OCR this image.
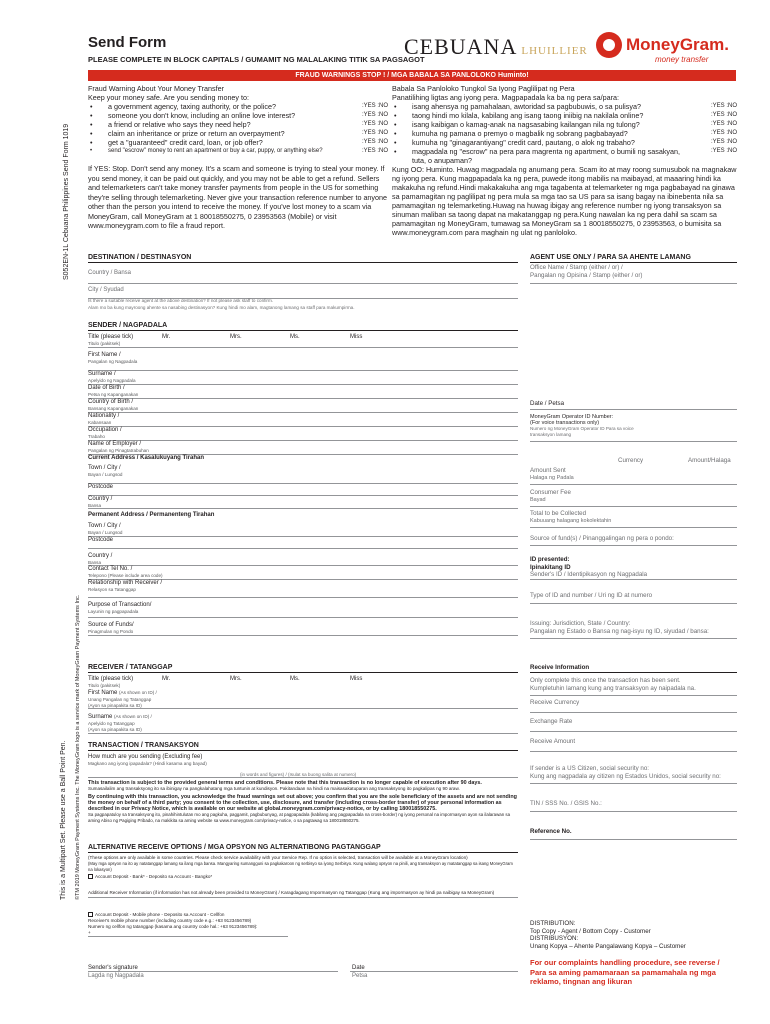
Send Form
PLEASE COMPLETE IN BLOCK CAPITALS / GUMAMIT NG MALALAKING TITIK SA PAGSAGOT
CEBUANA LHUILLIER MoneyGram.
money transfer
FRAUD WARNINGS STOP ! / MGA BABALA SA PANLOLOKO Huminto!
S052EN-1L Cebuana Philippines Send Form 1019
©TM 2019 MoneyGram Payment Systems Inc. The MoneyGram logo is a service mark of MoneyGram Payment Systems Inc.
This is a Multipart Set. Please use a Ball Point Pen.
Fraud Warning About Your Money Transfer
Keep your money safe. Are you sending money to:
• a government agency, taxing authority, or the police?	:YES :NO
• someone you don't know, including an online love interest?	:YES :NO
• a friend or relative who says they need help?	:YES :NO
• claim an inheritance or prize or return an overpayment?	:YES :NO
• get a "guaranteed" credit card, loan, or job offer?	:YES :NO
•	send "escrow" money to rent an apartment or buy a car, puppy, or anything else?	:YES :NO
If YES: Stop. Don't send any money. It's a scam and someone is trying to steal your money. If you send money, it can be paid out quickly, and you may not be able to get a refund. Sellers and telemarketers can't take money transfer payments from people in the US for something they're selling through telemarketing. Never give your transaction reference number to anyone other than the person you intend to receive the money. If you've lost money to a scam via MoneyGram, call MoneyGram at 1 80018550275, 0 23953563 (Mobile) or visit www.moneygram.com to file a fraud report.
Babala Sa Panloloko Tungkol Sa Iyong Paglilipat ng Pera
Panatilihing ligtas ang iyong pera. Magpapadala ka ba ng pera sa/para:
• isang ahensya ng pamahalaan, awtoridad sa pagbubuwis, o sa pulisya?	:YES :NO
• taong hindi mo kilala, kabilang ang isang taong iniibig na nakilala online?	:YES :NO
• isang kaibigan o kamag-anak na nagsasabing kailangan nila ng tulong?	:YES :NO
• kumuha ng pamana o premyo o magbalik ng sobrang pagbabayad?	:YES :NO
• kumuha ng "ginagarantiyang" credit card, pautang, o alok ng trabaho?	:YES :NO
• magpadala ng "escrow" na pera para magrenta ng apartment, o bumili ng sasakyan, tuta, o anupaman?
:YES :NO
Kung OO: Huminto. Huwag magpadala ng anumang pera. Scam ito at may roong sumusubok na magnakaw ng iyong pera. Kung magpapadala ka ng pera, puwede itong mabilis na maibayad, at maaaring hindi ka makakuha ng refund.Hindi makakakuha ang mga tagabenta at telemarketer ng mga pagbabayad na ginawa sa pamamagitan ng paglilipat ng pera mula sa mga tao sa US para sa isang bagay na ibinebenta nila sa pamamagitan ng telemarketing.Huwag na huwag ibigay ang reference number ng iyong transaksyon sa sinuman maliban sa taong dapat na makatanggap ng pera.Kung nawalan ka ng pera dahil sa scam sa pamamagitan ng MoneyGram, tumawag sa MoneyGram sa 1 80018550275, 0 23953563, o bumisita sa www.moneygram.com para maghain ng ulat ng panloloko.
DESTINATION / DESTINASYON
Country / Bansa
City / Syudad
Is there a suitable receive agent at the above destination? If not please ask staff to confirm.
Alam mo ba kung mayroong ahente sa nasabing destinasyon? Kung hindi mo alam, magtanong lamang sa staff para makumpirma.
SENDER / NAGPADALA
Title (please tick)
Titulo (pakitsek)
Mr.	Mrs.	Ms.	Miss
First Name /
Pangalan ng Nagpadala
Surname /
Apelyido ng Nagpadala
Date of Birth /
Petsa ng Kapanganakan
Country of Birth /
Bansang Kapanganakan
Nationality /
Kabansaan
Occupation /
Trabaho
Name of Employer /
Pangalan ng Pinagtatrabuhan
Current Address / Kasalukuyang Tirahan
Town / City /
Bayan / Lungsod
Postcode
Country /
Bansa
Permanent Address / Permanenteng Tirahan
Town / City /
Bayan / Lungsod
Postcode
Country /
Bansa
Contact Tel No. /
Telepono (Please include area code)
Relationship with Receiver /
Relasyon sa Tatanggap
Purpose of Transaction/
Layunin ng pagpapadala
Source of Funds/
Pinagmulan ng Pondo
RECEIVER / TATANGGAP
Title (please tick)
Titulo (pakitsek)
Mr.	Mrs.	Ms.	Miss
First Name (As shown on ID) /
Unang Pangalan ng Tatanggap
(Ayon sa pinapakita sa ID)
Surname (As shown on ID) /
Apelyido ng Tatanggap
(Ayon sa pinapakita sa ID)
TRANSACTION / TRANSAKSYON
How much are you sending (Excluding fee)
Magkano ang iyong ipapadala? (Hindi kasama ang bayad)
(in words and figures) / (Isulat sa buong salita at numero)
This transaction is subject to the provided general terms and conditions. Please note that this transaction is no longer capable of execution after 90 days.
Sumasailalim ang transaksyong ito sa ibinigay na pangkalahatang mga tuntunin at kundisyon. Pakitandaan na hindi na maisasakatuparan ang transaksyong ito pagkalipas ng 90 araw.
By continuing with this transaction, you acknowledge the fraud warnings set out above; you confirm that you are the sole beneficiary of the assets and are not sending the money on behalf of a third party; you consent to the collection, use, disclosure, and transfer (including cross-border transfer) of your personal information as described in our Privacy Notice, which is available on our website at global.moneygram.com/privacy-notice, or by calling 180018550275.
Sa pagpapatuloy sa transaksyong ito, pinahihintulutan mo ang pagkuha, paggamit, pagbubunyag, at pagpapadala (kabilang ang pagpapadala na cross-border) ng iyong personal na impormasyon ayon sa ilalarawan sa aming Abiso ng Pagiging Pribado, na makikita sa aming website sa www.moneygram.com/privacy-notice, o sa pagtawag sa 180018550275.
ALTERNATIVE RECEIVE OPTIONS / MGA OPSYON NG ALTERNATIBONG PAGTANGGAP
(These options are only available in some countries. Please check service availability with your Service Rep. If no option is selected, transaction will be available at a MoneyGram location)
(May mga opsyon na ito ay natatanggap lamang sa ilang mga bansa. Mangyaring sumangguni sa pagkakaroon ng serbisyo sa iyong Serbisyo. Kung walang opsyon na pinili, ang transaksyon ay matatanggap sa isang MoneyGram na lokasyon)
Account Deposit - Bank* - Deposito sa Account - Bangko*
Additional Receiver Information (if information has not already been provided to MoneyGram) / Karagdagang Impormasyon ng Tatanggap (Kung ang impormasyon ay hindi pa naibigay sa MoneyGram)
Account Deposit - Mobile phone - Deposito sa Account - Cellfon
Receiver's mobile phone number (including country code e.g.: +63 9123456789)
Numero ng cellfon ng tatanggap (kasama ang country code hal.: +63 9123456789):
+
Sender's signature
Lagda ng Nagpadala
Date
Petsa
AGENT USE ONLY / PARA SA AHENTE LAMANG
Office Name / Stamp (either / or) /
Pangalan ng Opisina / Stamp (either / or)
Date / Petsa
MoneyGram Operator ID Number: (For voice transactions only)
Numero ng MoneyGram Operator ID Para sa voice transaksyon lamang
Currency	Amount/Halaga
Amount Sent
Halaga ng Padala
Consumer Fee
Bayad
Total to be Collected
Kabuuang halagang kokolektahin
Source of fund(s) / Pinanggalingan ng pera o pondo:
ID presented:
Ipinakitang ID
Sender's ID / Identipikasyon ng Nagpadala
Type of ID and number / Uri ng ID at numero
Issuing: Jurisdiction, State / Country:
Pangalan ng Estado o Bansa ng nag-isyu ng ID, siyudad / bansa:
Receive Information
Only complete this once the transaction has been sent.
Kumpletuhin lamang kung ang transaksyon ay naipadala na.
Receive Currency
Exchange Rate
Receive Amount
If sender is a US Citizen, social security no:
Kung ang nagpadala ay citizen ng Estados Unidos, social security no:
TIN / SSS No. / GSIS No.:
Reference No.
DISTRIBUTION:
Top Copy - Agent / Bottom Copy - Customer
DISTRIBUSYON:
Unang Kopya – Ahente Pangalawang Kopya – Customer
For our complaints handling procedure, see reverse / Para sa aming pamamaraan sa pamamahala ng mga reklamo, tingnan ang likuran
